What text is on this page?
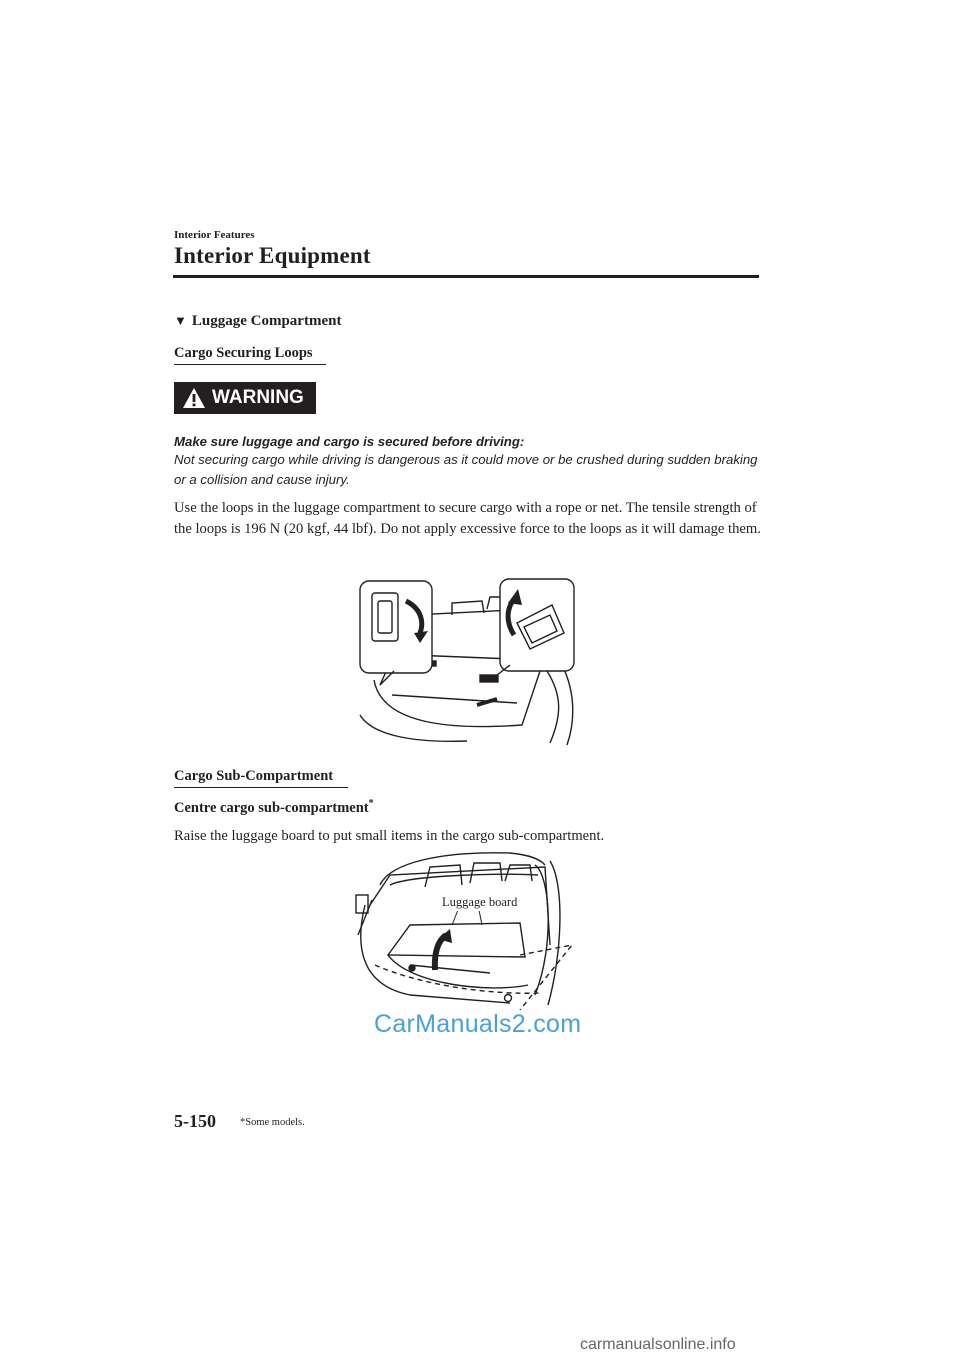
Interior Features
Interior Equipment
▼ Luggage Compartment
Cargo Securing Loops
WARNING
Make sure luggage and cargo is secured before driving:
Not securing cargo while driving is dangerous as it could move or be crushed during sudden braking or a collision and cause injury.
Use the loops in the luggage compartment to secure cargo with a rope or net. The tensile strength of the loops is 196 N (20 kgf, 44 lbf). Do not apply excessive force to the loops as it will damage them.
Cargo Sub-Compartment
Centre cargo sub-compartment*
Raise the luggage board to put small items in the cargo sub-compartment.
Luggage board
CarManuals2.com
5-150 *Some models.
carmanualsonline.info
